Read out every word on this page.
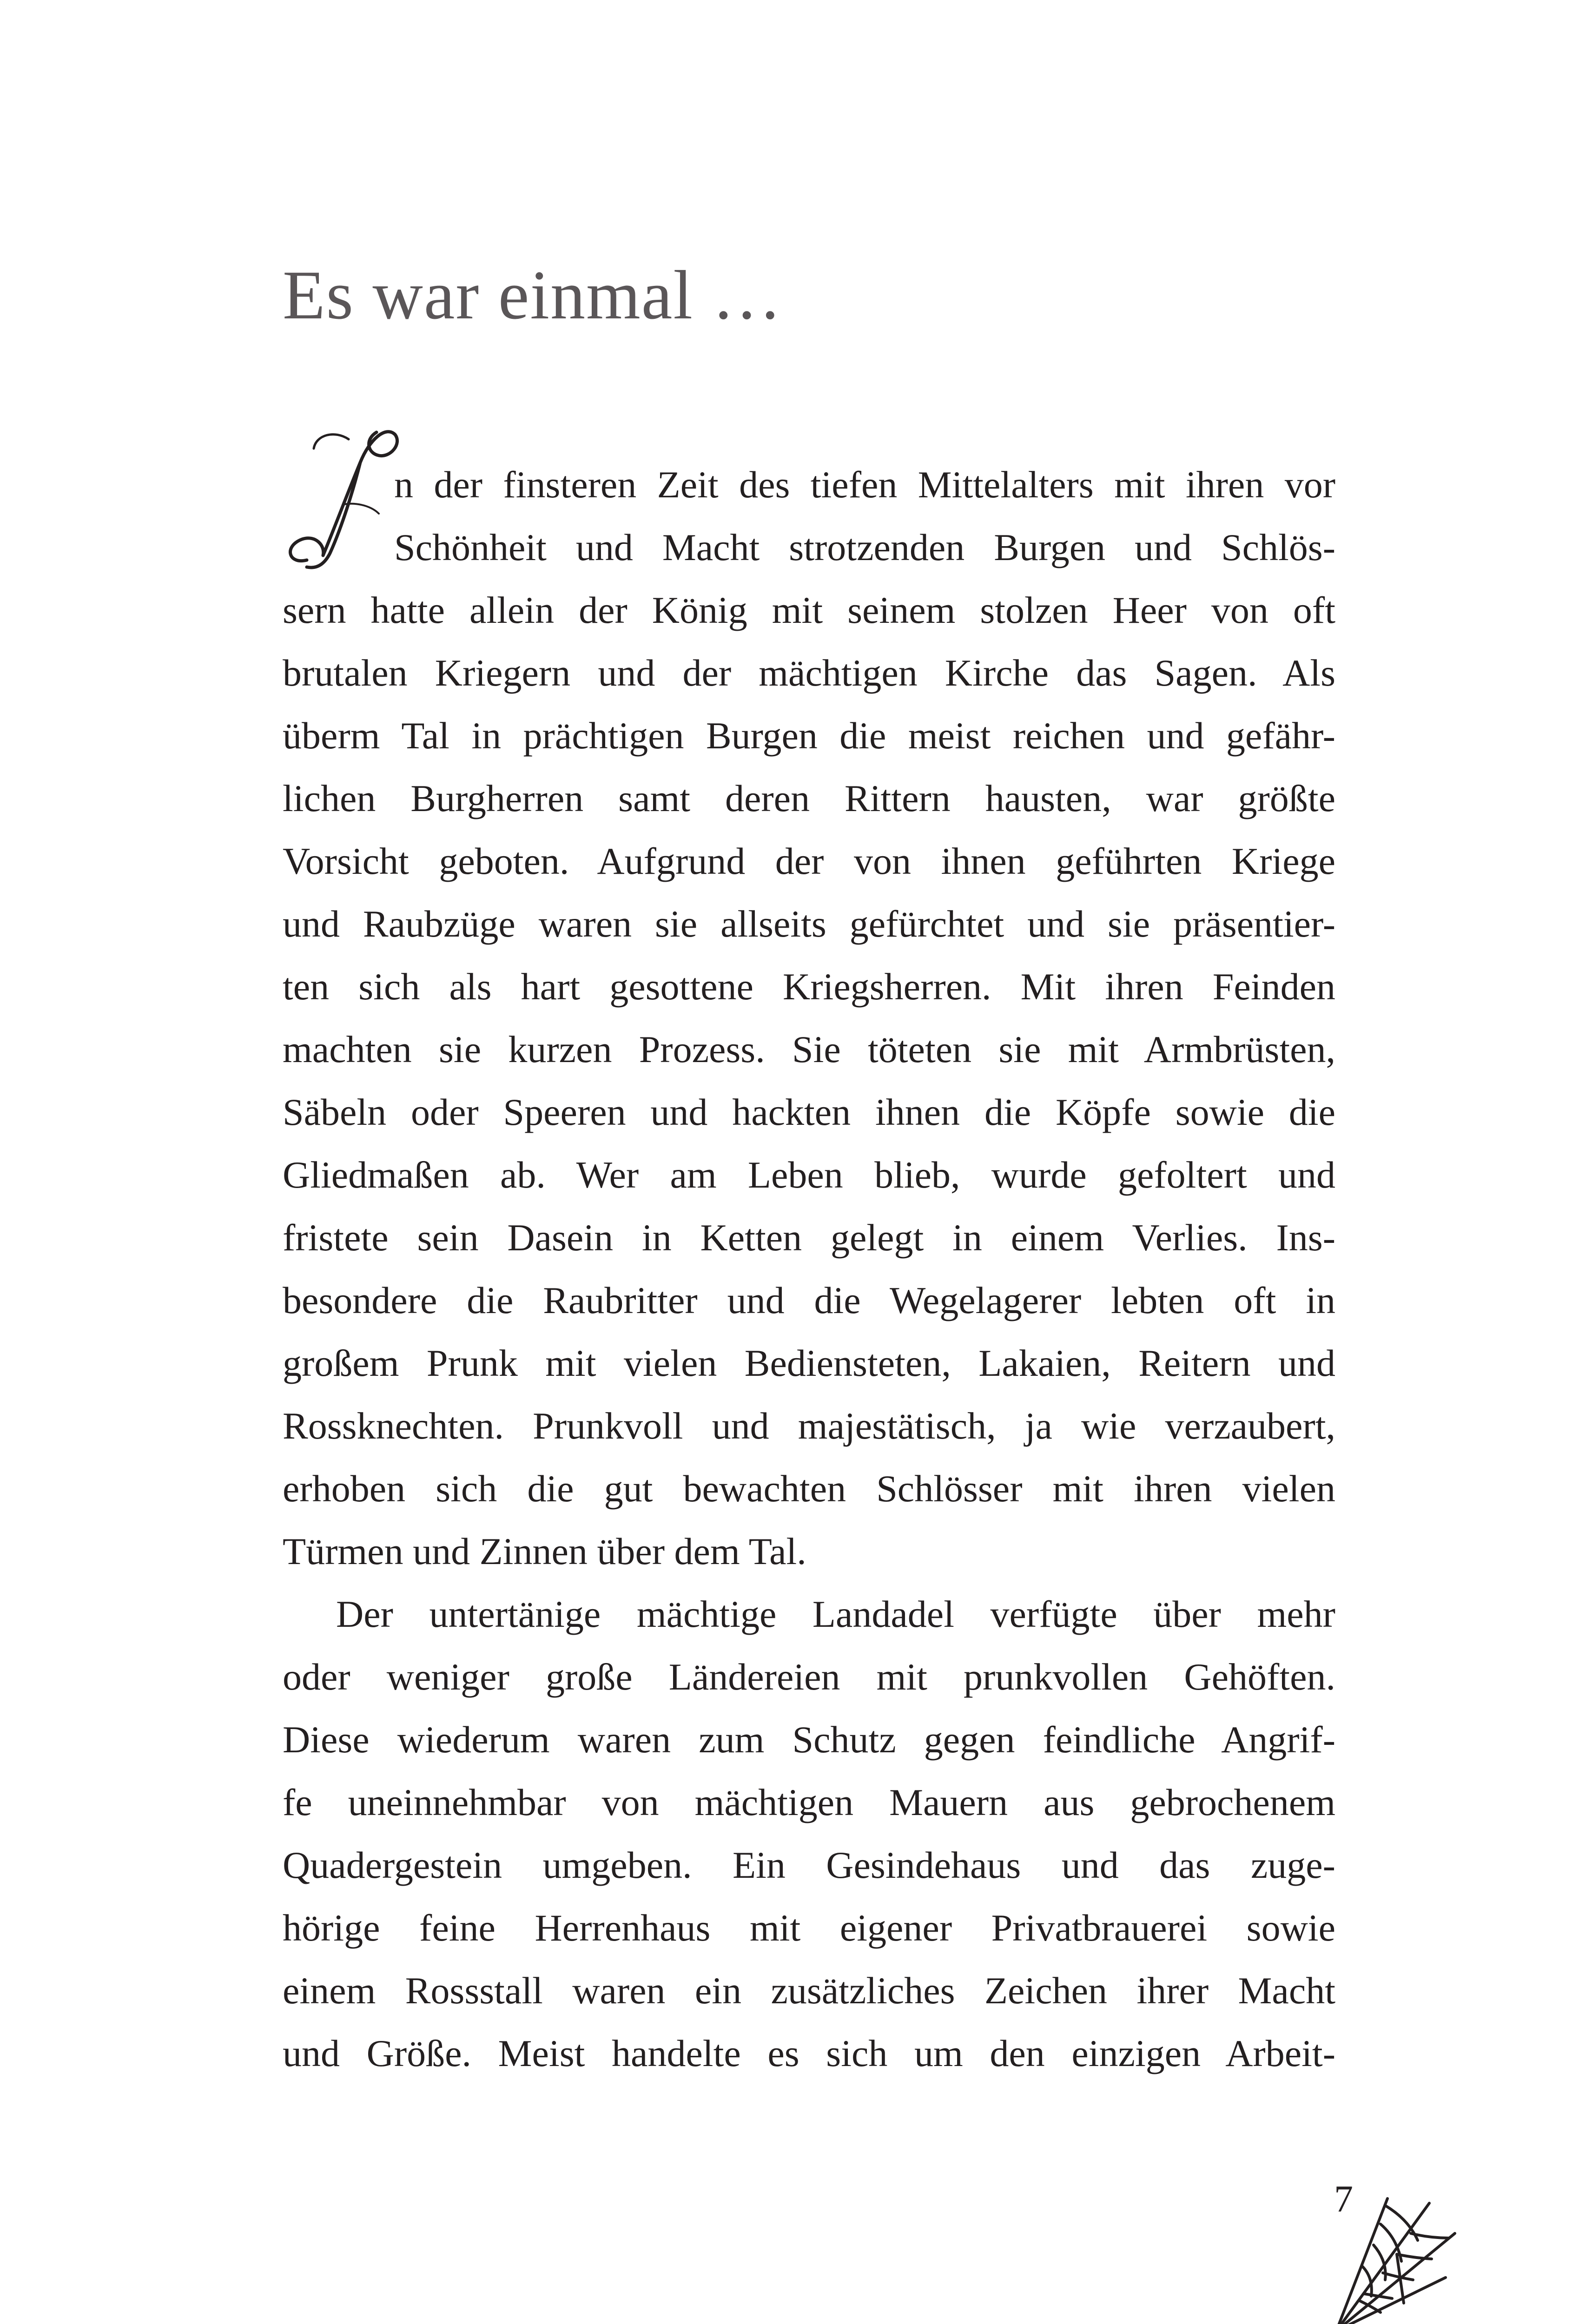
Es war einmal …
n der finsteren Zeit des tiefen Mittelalters mit ihren vor
Schönheit und Macht strotzenden Burgen und Schlös-
sern hatte allein der König mit seinem stolzen Heer von oft
brutalen Kriegern und der mächtigen Kirche das Sagen. Als
überm Tal in prächtigen Burgen die meist reichen und gefähr-
lichen Burgherren samt deren Rittern hausten, war größte
Vorsicht geboten. Aufgrund der von ihnen geführten Kriege
und Raubzüge waren sie allseits gefürchtet und sie präsentier-
ten sich als hart gesottene Kriegsherren. Mit ihren Feinden
machten sie kurzen Prozess. Sie töteten sie mit Armbrüsten,
Säbeln oder Speeren und hackten ihnen die Köpfe sowie die
Gliedmaßen ab. Wer am Leben blieb, wurde gefoltert und
fristete sein Dasein in Ketten gelegt in einem Verlies. Ins-
besondere die Raubritter und die Wegelagerer lebten oft in
großem Prunk mit vielen Bediensteten, Lakaien, Reitern und
Rossknechten. Prunkvoll und majestätisch, ja wie verzaubert,
erhoben sich die gut bewachten Schlösser mit ihren vielen
Türmen und Zinnen über dem Tal.
Der untertänige mächtige Landadel verfügte über mehr
oder weniger große Ländereien mit prunkvollen Gehöften.
Diese wiederum waren zum Schutz gegen feindliche Angrif-
fe uneinnehmbar von mächtigen Mauern aus gebrochenem
Quadergestein umgeben. Ein Gesindehaus und das zuge-
hörige feine Herrenhaus mit eigener Privatbrauerei sowie
einem Rossstall waren ein zusätzliches Zeichen ihrer Macht
und Größe. Meist handelte es sich um den einzigen Arbeit-
7
